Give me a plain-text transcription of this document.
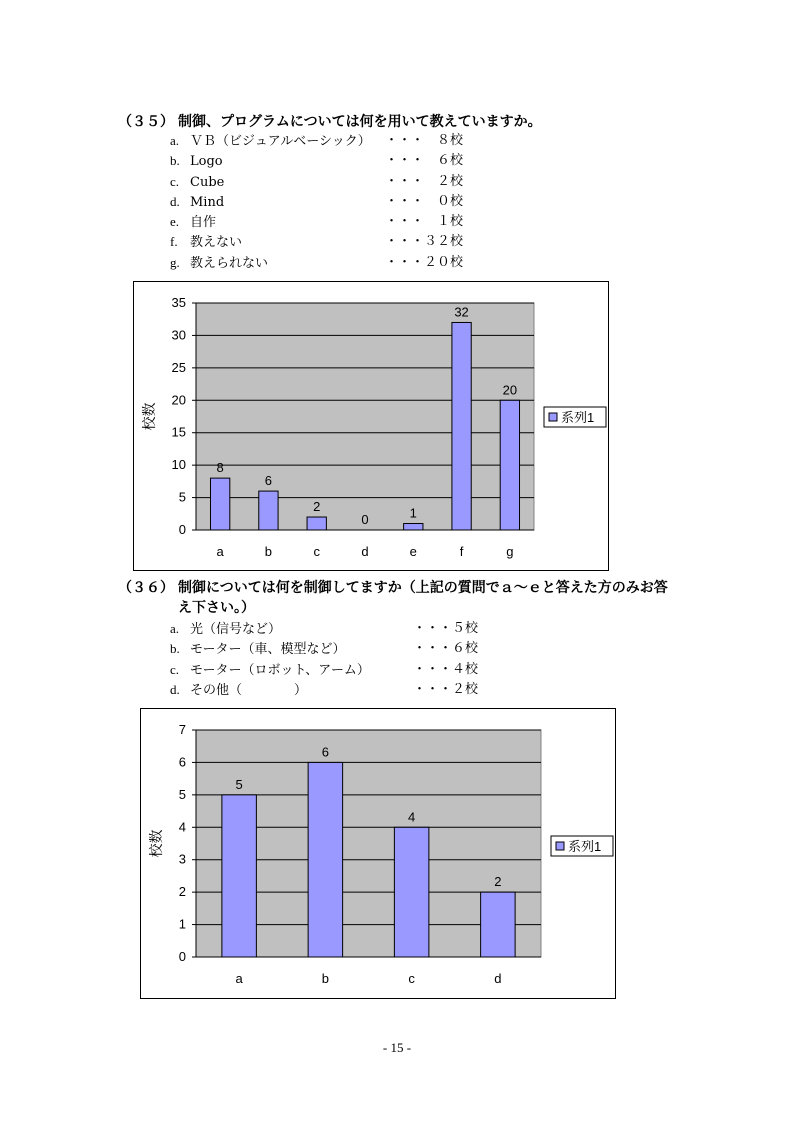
（３５） 制御、プログラムについては何を用いて教えていますか。
a. ＶＢ（ビジュアルベーシック） ・・・　８校
b. Logo	・・・　６校
c. Cube	・・・　２校
d. Mind	・・・　０校
e. 自作	・・・　１校
f. 教えない	・・・３２校
g. 教えられない	・・・２０校
0
5
10
15
20
25
30
35
8
a
6
b
2
c
0
d
1
e
32
f
20
g
校数	系列1
（３６） 制御については何を制御してますか（上記の質問でａ～ｅと答えた方のみお答
え下さい。）
a. 光（信号など）	・・・５校
b. モーター（車、模型など）	・・・６校
c. モーター（ロボット、アーム）	・・・４校
d. その他（　　　　）	・・・２校
0
1
2
3
4
5
6
7
5
a
6
b
4
c
2
d
校数	系列1
- 15 -
